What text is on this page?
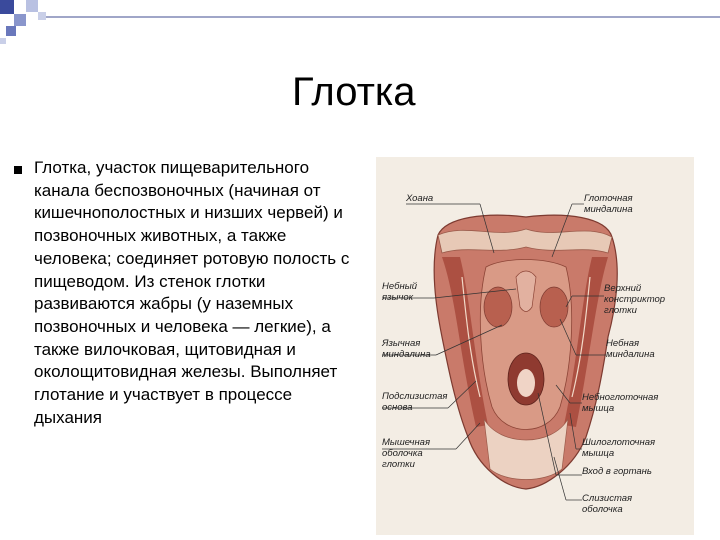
Глотка
Глотка, участок пищеварительного канала беспозвоночных (начиная от кишечнополостных и низших червей) и позвоночных животных, а также человека; соединяет ротовую полость с пищеводом. Из стенок глотки развиваются жабры (у наземных позвоночных и человека — легкие), а также вилочковая, щитовидная и околощитовидная железы. Выполняет глотание и участвует в процессе дыхания
Хоана
Небный
язычок
Язычная
миндалина
Подслизистая
основа
Мышечная
оболочка
глотки
Глоточная
миндалина
Верхний
констриктор
глотки
Небная
миндалина
Небноглоточная
мышца
Шилоглоточная
мышца
Вход в гортань
Слизистая
оболочка
